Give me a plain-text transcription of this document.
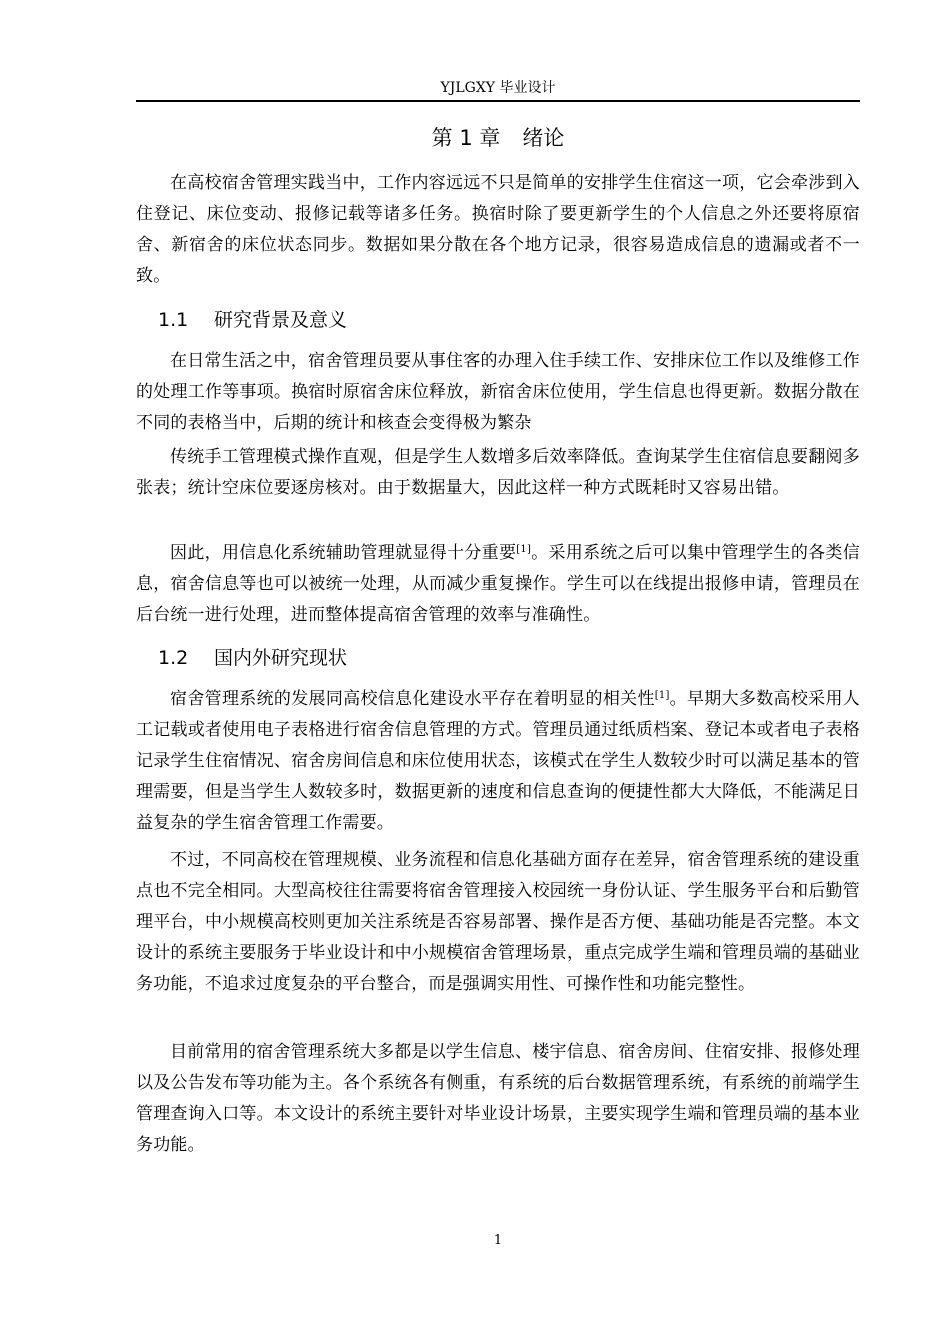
YJLGXY 毕业设计
第 1 章 绪论

在高校宿舍管理实践当中，工作内容远远不只是简单的安排学生住宿这一项，它会牵涉到入住登记、床位变动、报修记载等诸多任务。换宿时除了要更新学生的个人信息之外还要将原宿舍、新宿舍的床位状态同步。数据如果分散在各个地方记录，很容易造成信息的遗漏或者不一致。

1.1 研究背景及意义

在日常生活之中，宿舍管理员要从事住客的办理入住手续工作、安排床位工作以及维修工作的处理工作等事项。换宿时原宿舍床位释放，新宿舍床位使用，学生信息也得更新。数据分散在不同的表格当中，后期的统计和核查会变得极为繁杂

传统手工管理模式操作直观，但是学生人数增多后效率降低。查询某学生住宿信息要翻阅多张表；统计空床位要逐房核对。由于数据量大，因此这样一种方式既耗时又容易出错。

因此，用信息化系统辅助管理就显得十分重要[1]。采用系统之后可以集中管理学生的各类信息，宿舍信息等也可以被统一处理，从而减少重复操作。学生可以在线提出报修申请，管理员在后台统一进行处理，进而整体提高宿舍管理的效率与准确性。

1.2 国内外研究现状

宿舍管理系统的发展同高校信息化建设水平存在着明显的相关性[1]。早期大多数高校采用人工记载或者使用电子表格进行宿舍信息管理的方式。管理员通过纸质档案、登记本或者电子表格记录学生住宿情况、宿舍房间信息和床位使用状态，该模式在学生人数较少时可以满足基本的管理需要，但是当学生人数较多时，数据更新的速度和信息查询的便捷性都大大降低，不能满足日益复杂的学生宿舍管理工作需要。

不过，不同高校在管理规模、业务流程和信息化基础方面存在差异，宿舍管理系统的建设重点也不完全相同。大型高校往往需要将宿舍管理接入校园统一身份认证、学生服务平台和后勤管理平台，中小规模高校则更加关注系统是否容易部署、操作是否方便、基础功能是否完整。本文设计的系统主要服务于毕业设计和中小规模宿舍管理场景，重点完成学生端和管理员端的基础业务功能，不追求过度复杂的平台整合，而是强调实用性、可操作性和功能完整性。

目前常用的宿舍管理系统大多都是以学生信息、楼宇信息、宿舍房间、住宿安排、报修处理以及公告发布等功能为主。各个系统各有侧重，有系统的后台数据管理系统，有系统的前端学生管理查询入口等。本文设计的系统主要针对毕业设计场景，主要实现学生端和管理员端的基本业务功能。

1
